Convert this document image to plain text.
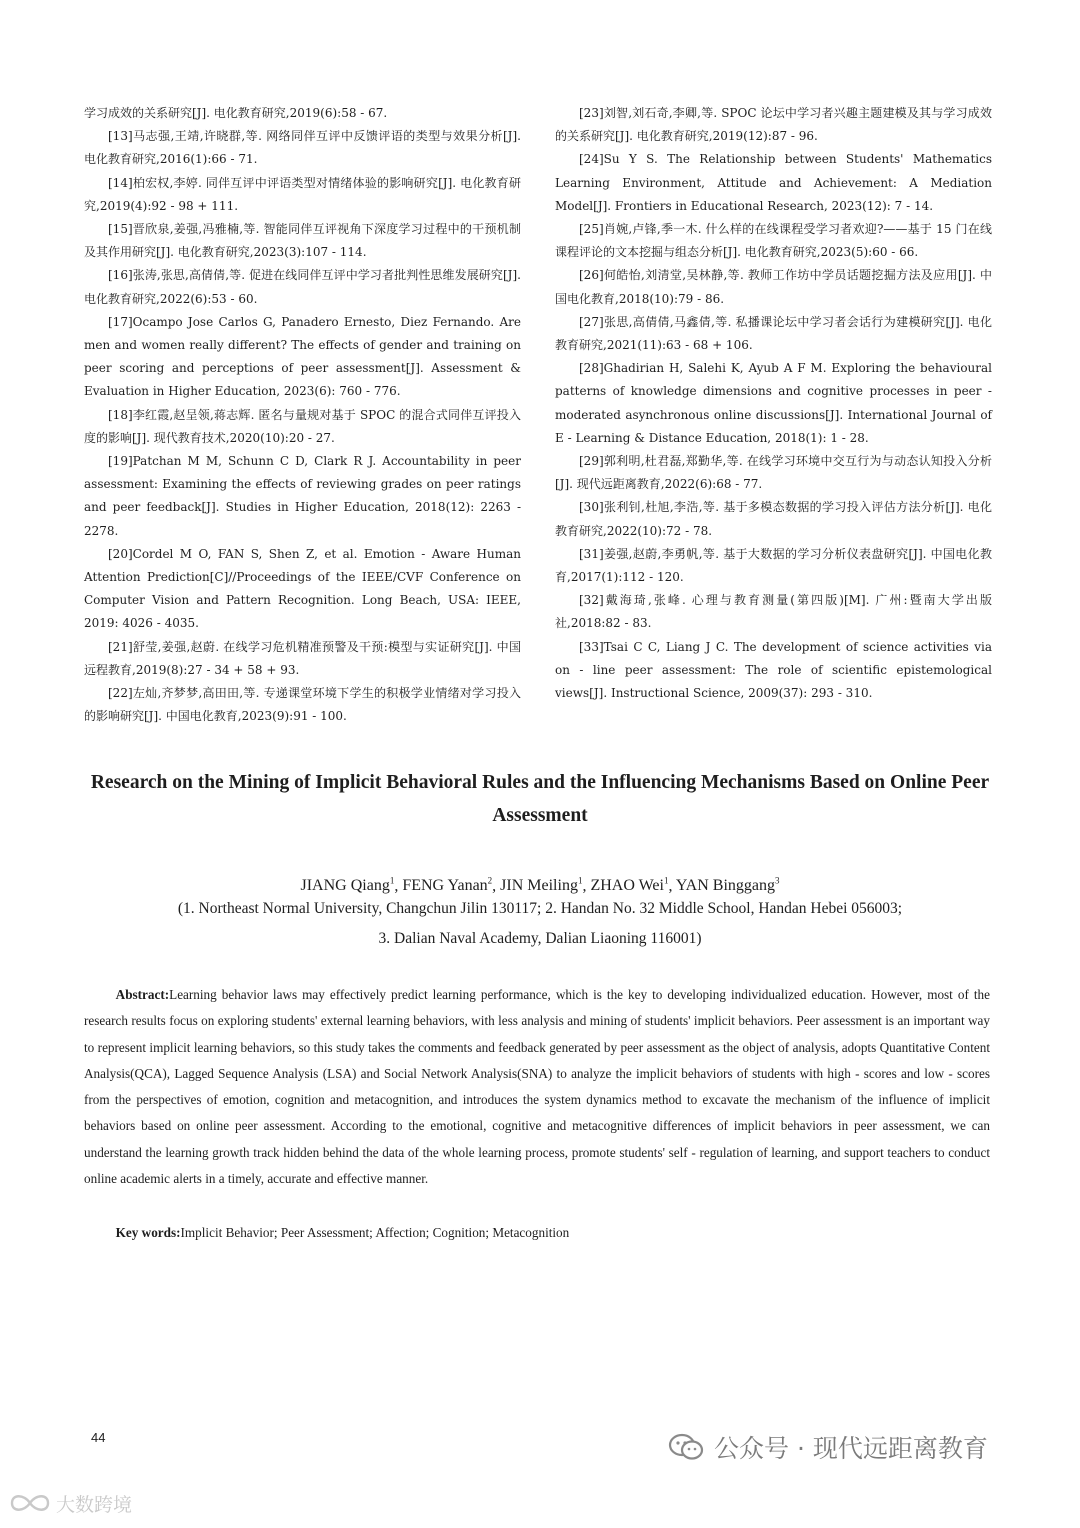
学习成效的关系研究[J]. 电化教育研究,2019(6):58 - 67.

[13]马志强,王靖,许晓群,等. 网络同伴互评中反馈评语的类型与效果分析[J]. 电化教育研究,2016(1):66 - 71.

[14]柏宏权,李婷. 同伴互评中评语类型对情绪体验的影响研究[J]. 电化教育研究,2019(4):92 - 98 + 111.

[15]晋欣泉,姜强,冯雅楠,等. 智能同伴互评视角下深度学习过程中的干预机制及其作用研究[J]. 电化教育研究,2023(3):107 - 114.

[16]张涛,张思,高倩倩,等. 促进在线同伴互评中学习者批判性思维发展研究[J]. 电化教育研究,2022(6):53 - 60.

[17]Ocampo Jose Carlos G, Panadero Ernesto, Diez Fernando. Are men and women really different? The effects of gender and training on peer scoring and perceptions of peer assessment[J]. Assessment & Evaluation in Higher Education, 2023(6): 760 - 776.

[18]李红霞,赵呈领,蒋志辉. 匿名与量规对基于 SPOC 的混合式同伴互评投入度的影响[J]. 现代教育技术,2020(10):20 - 27.

[19]Patchan M M, Schunn C D, Clark R J. Accountability in peer assessment: Examining the effects of reviewing grades on peer ratings and peer feedback[J]. Studies in Higher Education, 2018(12): 2263 - 2278.

[20]Cordel M O, FAN S, Shen Z, et al. Emotion - Aware Human Attention Prediction[C]//Proceedings of the IEEE/CVF Conference on Computer Vision and Pattern Recognition. Long Beach, USA: IEEE, 2019: 4026 - 4035.

[21]舒莹,姜强,赵蔚. 在线学习危机精准预警及干预:模型与实证研究[J]. 中国远程教育,2019(8):27 - 34 + 58 + 93.

[22]左灿,齐梦梦,高田田,等. 专递课堂环境下学生的积极学业情绪对学习投入的影响研究[J]. 中国电化教育,2023(9):91 - 100.

[23]刘智,刘石奇,李卿,等. SPOC 论坛中学习者兴趣主题建模及其与学习成效的关系研究[J]. 电化教育研究,2019(12):87 - 96.

[24]Su Y S. The Relationship between Students' Mathematics Learning Environment, Attitude and Achievement: A Mediation Model[J]. Frontiers in Educational Research, 2023(12): 7 - 14.

[25]肖婉,卢锋,季一木. 什么样的在线课程受学习者欢迎?——基于 15 门在线课程评论的文本挖掘与组态分析[J]. 电化教育研究,2023(5):60 - 66.

[26]何皓怡,刘清堂,吴林静,等. 教师工作坊中学员话题挖掘方法及应用[J]. 中国电化教育,2018(10):79 - 86.

[27]张思,高倩倩,马鑫倩,等. 私播课论坛中学习者会话行为建模研究[J]. 电化教育研究,2021(11):63 - 68 + 106.

[28]Ghadirian H, Salehi K, Ayub A F M. Exploring the behavioural patterns of knowledge dimensions and cognitive processes in peer - moderated asynchronous online discussions[J]. International Journal of E - Learning & Distance Education, 2018(1): 1 - 28.

[29]郭利明,杜君磊,郑勤华,等. 在线学习环境中交互行为与动态认知投入分析[J]. 现代远距离教育,2022(6):68 - 77.

[30]张利钊,杜旭,李浩,等. 基于多模态数据的学习投入评估方法分析[J]. 电化教育研究,2022(10):72 - 78.

[31]姜强,赵蔚,李勇帆,等. 基于大数据的学习分析仪表盘研究[J]. 中国电化教育,2017(1):112 - 120.

[32]戴海琦,张峰. 心理与教育测量(第四版)[M]. 广州:暨南大学出版社,2018:82 - 83.

[33]Tsai C C, Liang J C. The development of science activities via on - line peer assessment: The role of scientific epistemological views[J]. Instructional Science, 2009(37): 293 - 310.

Research on the Mining of Implicit Behavioral Rules and the Influencing Mechanisms Based on Online Peer Assessment

JIANG Qiang$^1$, FENG Yanan$^2$, JIN Meiling$^1$, ZHAO Wei$^1$, YAN Binggang$^3$

(1. Northeast Normal University, Changchun Jilin 130117; 2. Handan No. 32 Middle School, Handan Hebei 056003;
3. Dalian Naval Academy, Dalian Liaoning 116001)

Abstract:Learning behavior laws may effectively predict learning performance, which is the key to developing individualized education. However, most of the research results focus on exploring students' external learning behaviors, with less analysis and mining of students' implicit behaviors. Peer assessment is an important way to represent implicit learning behaviors, so this study takes the comments and feedback generated by peer assessment as the object of analysis, adopts Quantitative Content Analysis(QCA), Lagged Sequence Analysis (LSA) and Social Network Analysis(SNA) to analyze the implicit behaviors of students with high - scores and low - scores from the perspectives of emotion, cognition and metacognition, and introduces the system dynamics method to excavate the mechanism of the influence of implicit behaviors based on online peer assessment. According to the emotional, cognitive and metacognitive differences of implicit behaviors in peer assessment, we can understand the learning growth track hidden behind the data of the whole learning process, promote students' self - regulation of learning, and support teachers to conduct online academic alerts in a timely, accurate and effective manner.

Key words:Implicit Behavior; Peer Assessment; Affection; Cognition; Metacognition

44	公众号 · 现代远距离教育
大数跨境
